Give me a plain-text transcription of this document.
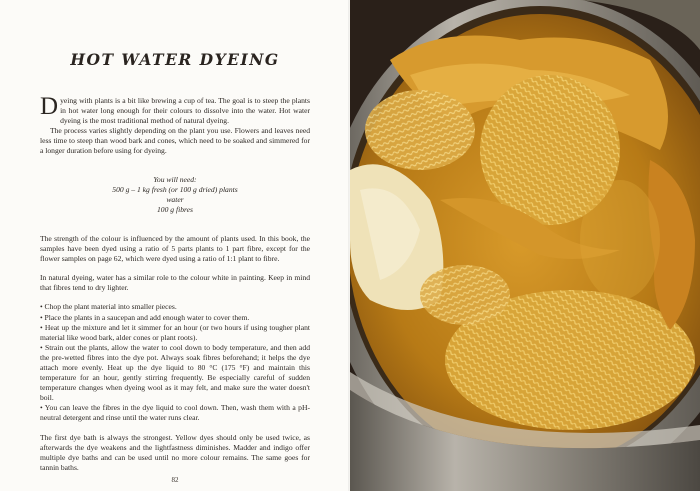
HOT WATER DYEING

Dyeing with plants is a bit like brewing a cup of tea. The goal is to steep the plants in hot water long enough for their colours to dissolve into the water. Hot water dyeing is the most traditional method of natural dyeing.

The process varies slightly depending on the plant you use. Flowers and leaves need less time to steep than wood bark and cones, which need to be soaked and simmered for a longer duration before using for dyeing.

You will need:
500 g – 1 kg fresh (or 100 g dried) plants
water
100 g fibres

The strength of the colour is influenced by the amount of plants used. In this book, the samples have been dyed using a ratio of 5 parts plants to 1 part fibre, except for the flower samples on page 62, which were dyed using a ratio of 1:1 plant to fibre.

In natural dyeing, water has a similar role to the colour white in painting. Keep in mind that fibres tend to dry lighter.

• Chop the plant material into smaller pieces.

• Place the plants in a saucepan and add enough water to cover them.

• Heat up the mixture and let it simmer for an hour (or two hours if using tougher plant material like wood bark, alder cones or plant roots).

• Strain out the plants, allow the water to cool down to body temperature, and then add the pre-wetted fibres into the dye pot. Always soak fibres beforehand; it helps the dye attach more evenly. Heat up the dye liquid to 80 °C (175 °F) and maintain this temperature for an hour, gently stirring frequently. Be especially careful of sudden temperature changes when dyeing wool as it may felt, and make sure the water doesn't boil.

• You can leave the fibres in the dye liquid to cool down. Then, wash them with a pH-neutral detergent and rinse until the water runs clear.

The first dye bath is always the strongest. Yellow dyes should only be used twice, as afterwards the dye weakens and the lightfastness diminishes. Madder and indigo offer multiple dye baths and can be used until no more colour remains. The same goes for tannin baths.

82
